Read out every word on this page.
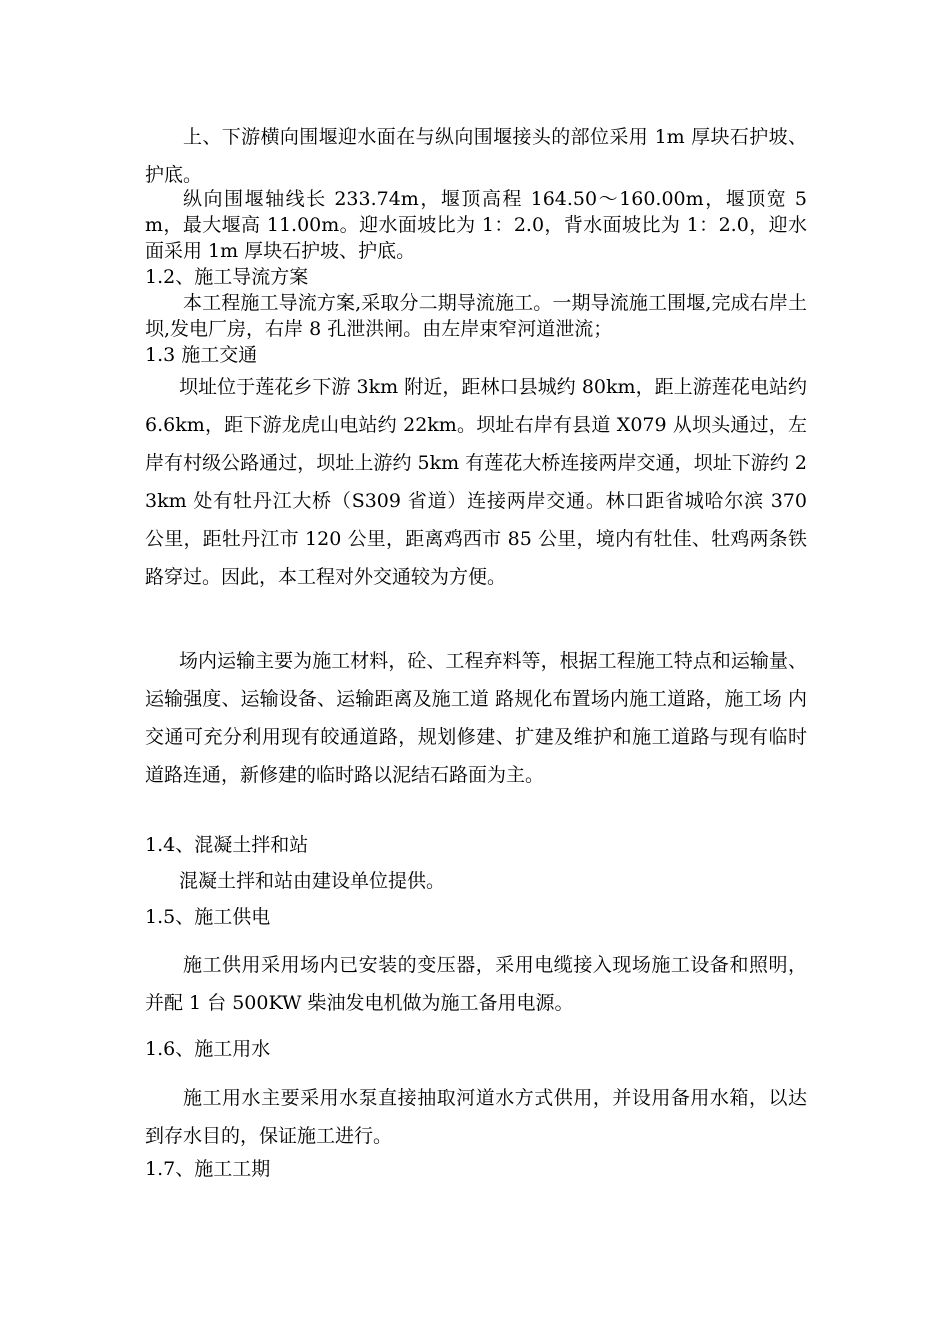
上、下游横向围堰迎水面在与纵向围堰接头的部位采用 1m 厚块石护坡、护底。

纵向围堰轴线长 233.74m，堰顶高程 164.50～160.00m，堰顶宽 5m，最大堰高 11.00m。迎水面坡比为 1：2.0，背水面坡比为 1：2.0，迎水面采用 1m 厚块石护坡、护底。

1.2、施工导流方案

本工程施工导流方案,采取分二期导流施工。一期导流施工围堰,完成右岸土坝,发电厂房，右岸 8 孔泄洪闸。由左岸束窄河道泄流；

1.3 施工交通

坝址位于莲花乡下游 3km 附近，距林口县城约 80km，距上游莲花电站约 6.6km，距下游龙虎山电站约 22km。坝址右岸有县道 X079 从坝头通过，左岸有村级公路通过，坝址上游约 5km 有莲花大桥连接两岸交通，坝址下游约 23km 处有牡丹江大桥（S309 省道）连接两岸交通。林口距省城哈尔滨 370 公里，距牡丹江市 120 公里，距离鸡西市 85 公里，境内有牡佳、牡鸡两条铁路穿过。因此，本工程对外交通较为方便。

场内运输主要为施工材料，砼、工程弃料等，根据工程施工特点和运输量、运输强度、运输设备、运输距离及施工道 路规化布置场内施工道路，施工场 内交通可充分利用现有皎通道路，规划修建、扩建及维护和施工道路与现有临时道路连通，新修建的临时路以泥结石路面为主。

1.4、混凝土拌和站

混凝土拌和站由建设单位提供。

1.5、施工供电

施工供用采用场内已安装的变压器，采用电缆接入现场施工设备和照明，并配 1 台 500KW 柴油发电机做为施工备用电源。

1.6、施工用水

施工用水主要采用水泵直接抽取河道水方式供用，并设用备用水箱，以达到存水目的，保证施工进行。

1.7、施工工期
